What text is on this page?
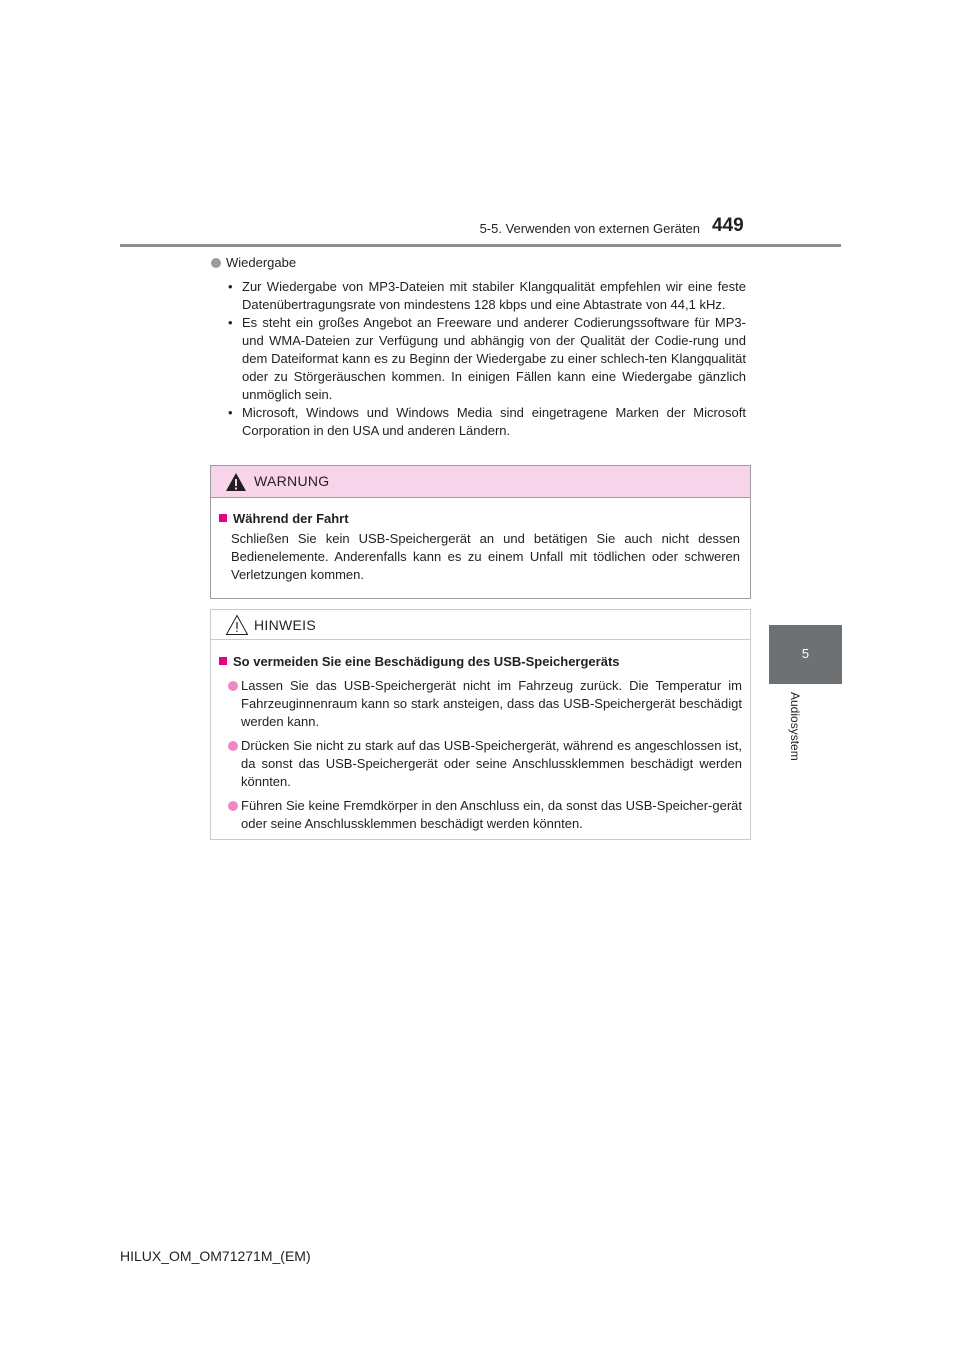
5-5. Verwenden von externen Geräten 449
5
Audiosystem
Wiedergabe
• Zur Wiedergabe von MP3-Dateien mit stabiler Klangqualität empfehlen wir eine feste Datenübertragungsrate von mindestens 128 kbps und eine Abtastrate von 44,1 kHz.
• Es steht ein großes Angebot an Freeware und anderer Codierungssoftware für MP3- und WMA-Dateien zur Verfügung und abhängig von der Qualität der Codie-rung und dem Dateiformat kann es zu Beginn der Wiedergabe zu einer schlech-ten Klangqualität oder zu Störgeräuschen kommen. In einigen Fällen kann eine Wiedergabe gänzlich unmöglich sein.
• Microsoft, Windows und Windows Media sind eingetragene Marken der Microsoft Corporation in den USA und anderen Ländern.
WARNUNG
Während der Fahrt
Schließen Sie kein USB-Speichergerät an und betätigen Sie auch nicht dessen Bedienelemente. Anderenfalls kann es zu einem Unfall mit tödlichen oder schweren Verletzungen kommen.
HINWEIS
So vermeiden Sie eine Beschädigung des USB-Speichergeräts
Lassen Sie das USB-Speichergerät nicht im Fahrzeug zurück. Die Temperatur im Fahrzeuginnenraum kann so stark ansteigen, dass das USB-Speichergerät beschädigt werden kann.
Drücken Sie nicht zu stark auf das USB-Speichergerät, während es angeschlossen ist, da sonst das USB-Speichergerät oder seine Anschlussklemmen beschädigt werden könnten.
Führen Sie keine Fremdkörper in den Anschluss ein, da sonst das USB-Speicher-gerät oder seine Anschlussklemmen beschädigt werden könnten.
HILUX_OM_OM71271M_(EM)
